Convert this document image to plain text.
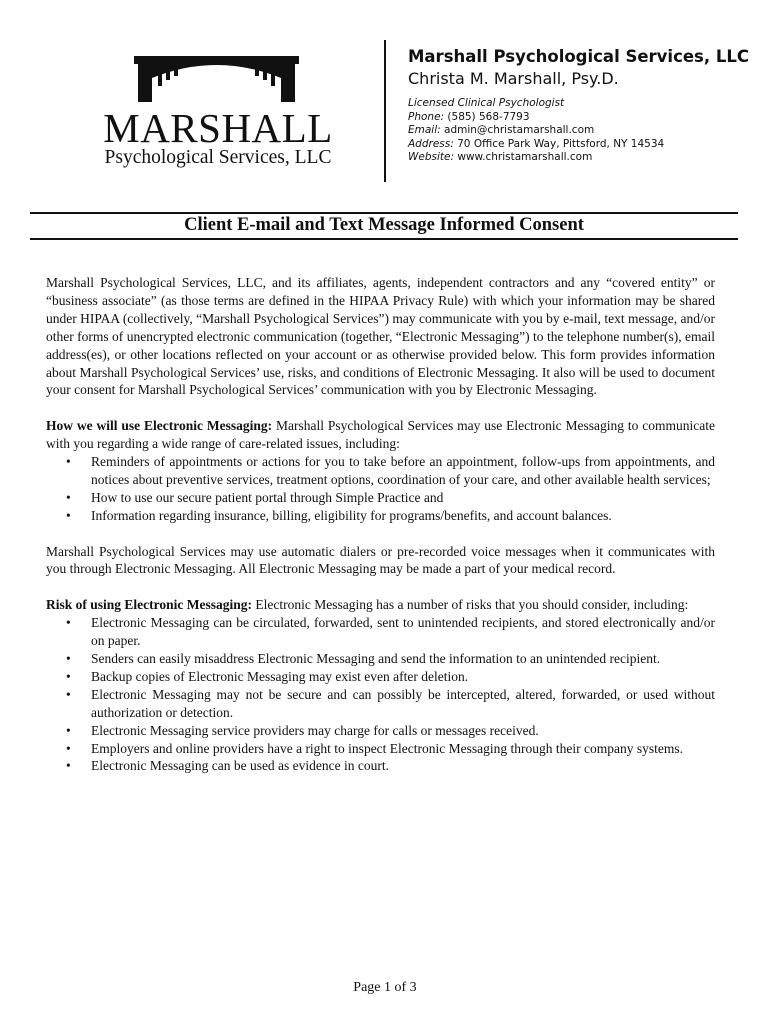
MARSHALL
Psychological Services, LLC
Marshall Psychological Services, LLC
Christa M. Marshall, Psy.D.
Licensed Clinical Psychologist
Phone: (585) 568-7793
Email: admin@christamarshall.com
Address: 70 Office Park Way, Pittsford, NY 14534
Website: www.christamarshall.com
Client E-mail and Text Message Informed Consent

Marshall Psychological Services, LLC, and its affiliates, agents, independent contractors and any “covered entity” or “business associate” (as those terms are defined in the HIPAA Privacy Rule) with which your information may be shared under HIPAA (collectively, “Marshall Psychological Services”) may communicate with you by e-mail, text message, and/or other forms of unencrypted electronic communication (together, “Electronic Messaging”) to the telephone number(s), email address(es), or other locations reflected on your account or as otherwise provided below. This form provides information about Marshall Psychological Services’ use, risks, and conditions of Electronic Messaging. It also will be used to document your consent for Marshall Psychological Services’ communication with you by Electronic Messaging.

How we will use Electronic Messaging: Marshall Psychological Services may use Electronic Messaging to communicate with you regarding a wide range of care-related issues, including:

• Reminders of appointments or actions for you to take before an appointment, follow-ups from appointments, and notices about preventive services, treatment options, coordination of your care, and other available health services;
• How to use our secure patient portal through Simple Practice and
• Information regarding insurance, billing, eligibility for programs/benefits, and account balances.

Marshall Psychological Services may use automatic dialers or pre-recorded voice messages when it communicates with you through Electronic Messaging. All Electronic Messaging may be made a part of your medical record.

Risk of using Electronic Messaging: Electronic Messaging has a number of risks that you should consider, including:

• Electronic Messaging can be circulated, forwarded, sent to unintended recipients, and stored electronically and/or on paper.
• Senders can easily misaddress Electronic Messaging and send the information to an unintended recipient.
• Backup copies of Electronic Messaging may exist even after deletion.
• Electronic Messaging may not be secure and can possibly be intercepted, altered, forwarded, or used without authorization or detection.
• Electronic Messaging service providers may charge for calls or messages received.
• Employers and online providers have a right to inspect Electronic Messaging through their company systems.
• Electronic Messaging can be used as evidence in court.
Page 1 of 3
